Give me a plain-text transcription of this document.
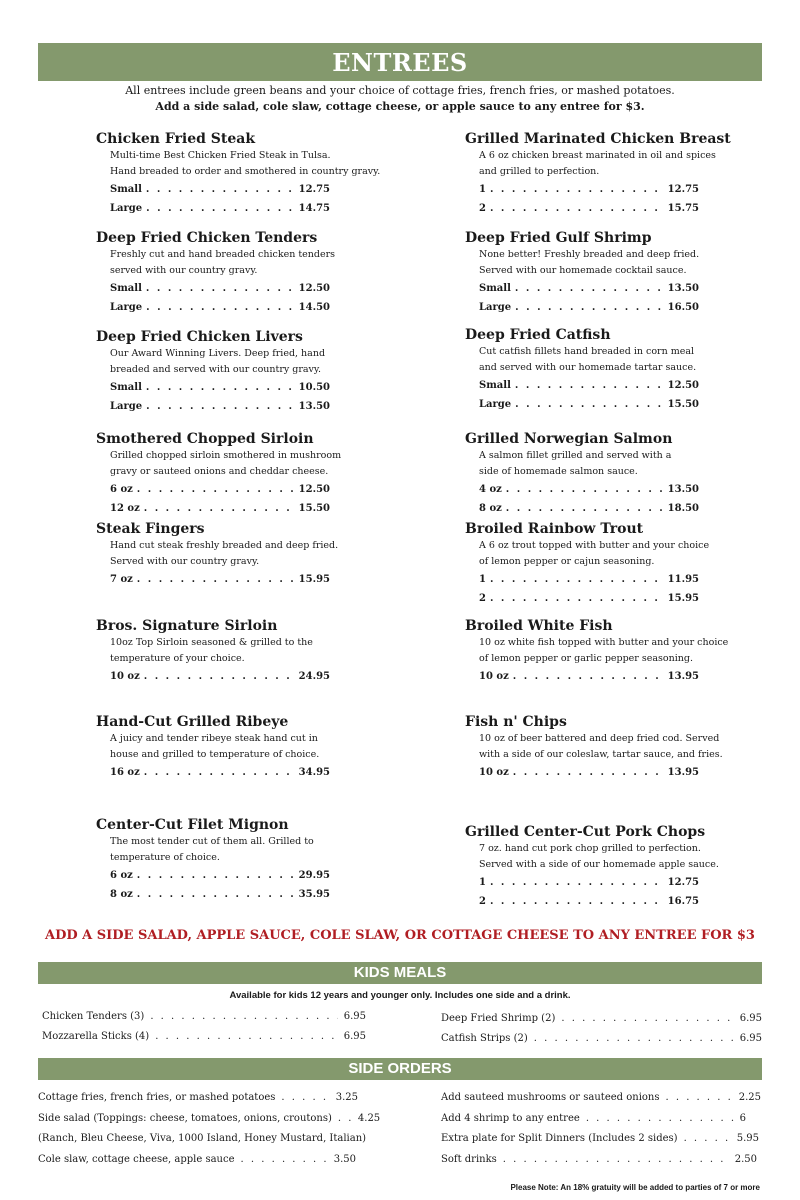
ENTREES
All entrees include green beans and your choice of cottage fries, french fries, or mashed potatoes.
Add a side salad, cole slaw, cottage cheese, or apple sauce to any entree for $3.
Chicken Fried Steak
Multi-time Best Chicken Fried Steak in Tulsa.
Hand breaded to order and smothered in country gravy.
Small . . .	12.75
Large . . .	14.75
Deep Fried Chicken Tenders
Freshly cut and hand breaded chicken tenders
served with our country gravy.
Small . . .	12.50
Large . . .	14.50
Deep Fried Chicken Livers
Our Award Winning Livers. Deep fried, hand
breaded and served with our country gravy.
Small . . .	10.50
Large . . .	13.50
Smothered Chopped Sirloin
Grilled chopped sirloin smothered in mushroom
gravy or sauteed onions and cheddar cheese.
6 oz . . .	12.50
12 oz . . .	15.50
Steak Fingers
Hand cut steak freshly breaded and deep fried.
Served with our country gravy.
7 oz . . .	15.95
Bros. Signature Sirloin
10oz Top Sirloin seasoned & grilled to the
temperature of your choice.
10 oz . . .	24.95
Hand-Cut Grilled Ribeye
A juicy and tender ribeye steak hand cut in
house and grilled to temperature of choice.
16 oz . . .	34.95
Center-Cut Filet Mignon
The most tender cut of them all. Grilled to
temperature of choice.
6 oz . . .	29.95
8 oz . . .	35.95
Grilled Marinated Chicken Breast
A 6 oz chicken breast marinated in oil and spices
and grilled to perfection.
1 . . .	12.75
2 . . .	15.75
Deep Fried Gulf Shrimp
None better! Freshly breaded and deep fried.
Served with our homemade cocktail sauce.
Small . . .	13.50
Large . . .	16.50
Deep Fried Catfish
Cut catfish fillets hand breaded in corn meal
and served with our homemade tartar sauce.
Small . . .	12.50
Large . . .	15.50
Grilled Norwegian Salmon
A salmon fillet grilled and served with a
side of homemade salmon sauce.
4 oz . . .	13.50
8 oz . . .	18.50
Broiled Rainbow Trout
A 6 oz trout topped with butter and your choice
of lemon pepper or cajun seasoning.
1 . . .	11.95
2 . . .	15.95
Broiled White Fish
10 oz white fish topped with butter and your choice
of lemon pepper or garlic pepper seasoning.
10 oz . . .	13.95
Fish n' Chips
10 oz of beer battered and deep fried cod. Served
with a side of our coleslaw, tartar sauce, and fries.
10 oz . . .	13.95
Grilled Center-Cut Pork Chops
7 oz. hand cut pork chop grilled to perfection.
Served with a side of our homemade apple sauce.
1 . . .	12.75
2 . . .	16.75
ADD A SIDE SALAD, APPLE SAUCE, COLE SLAW, OR COTTAGE CHEESE TO ANY ENTREE FOR $3
KIDS MEALS
Available for kids 12 years and younger only. Includes one side and a drink.
Chicken Tenders (3) . . .	6.95
Mozzarella Sticks (4) . . .	6.95
Deep Fried Shrimp (2) . . .	6.95
Catfish Strips (2) . . .	6.95
SIDE ORDERS
Cottage fries, french fries, or mashed potatoes . . .	3.25
Side salad (Toppings: cheese, tomatoes, onions, croutons) . . .	4.25
(Ranch, Bleu Cheese, Viva, 1000 Island, Honey Mustard, Italian)
Cole slaw, cottage cheese, apple sauce . . .	3.50
Add sauteed mushrooms or sauteed onions . . .	2.25
Add 4 shrimp to any entree . . .	6
Extra plate for Split Dinners (Includes 2 sides) . . .	5.95
Soft drinks . . .	2.50
Please Note: An 18% gratuity will be added to parties of 7 or more
